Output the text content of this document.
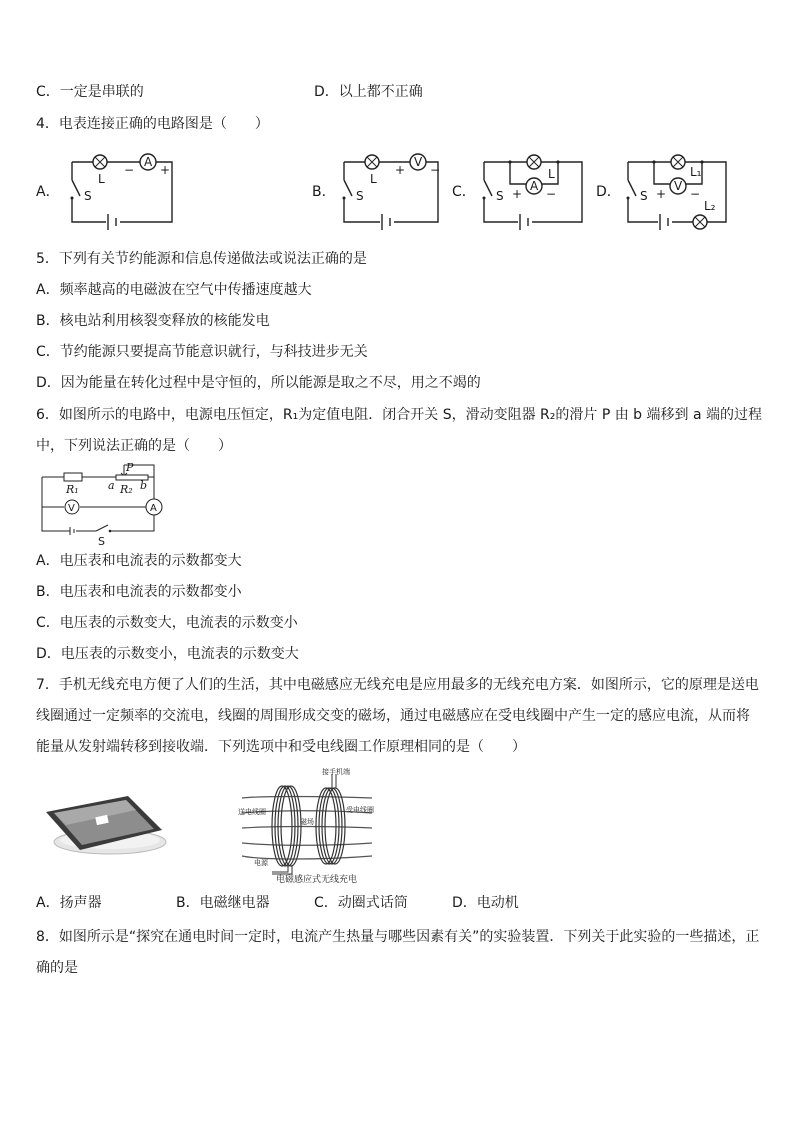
C．一定是串联的	D．以上都不正确
4．电表连接正确的电路图是（　　）
A．	B．	C．	D．
A
− +
L
S
V
+ −
L
S
A
+ −
L
S
V
+ −
L₁
S
L₂
5．下列有关节约能源和信息传递做法或说法正确的是
A．频率越高的电磁波在空气中传播速度越大
B．核电站利用核裂变释放的核能发电
C．节约能源只要提高节能意识就行，与科技进步无关
D．因为能量在转化过程中是守恒的，所以能源是取之不尽，用之不竭的
6．如图所示的电路中，电源电压恒定，R₁为定值电阻．闭合开关 S，滑动变阻器 R₂的滑片 P 由 b 端移到 a 端的过程
中，下列说法正确的是（　　）
R₁	R₂
P
a b
V	A
S
A．电压表和电流表的示数都变大
B．电压表和电流表的示数都变小
C．电压表的示数变大，电流表的示数变小
D．电压表的示数变小，电流表的示数变大
7．手机无线充电方便了人们的生活，其中电磁感应无线充电是应用最多的无线充电方案．如图所示，它的原理是送电
线圈通过一定频率的交流电，线圈的周围形成交变的磁场，通过电磁感应在受电线圈中产生一定的感应电流，从而将
能量从发射端转移到接收端．下列选项中和受电线圈工作原理相同的是（　　）
接手机端
送电线圈	受电线圈
磁场
电源
电磁感应式无线充电
A．扬声器	B．电磁继电器	C．动圈式话筒	D．电动机
8．如图所示是“探究在通电时间一定时，电流产生热量与哪些因素有关”的实验装置．下列关于此实验的一些描述，正
确的是
